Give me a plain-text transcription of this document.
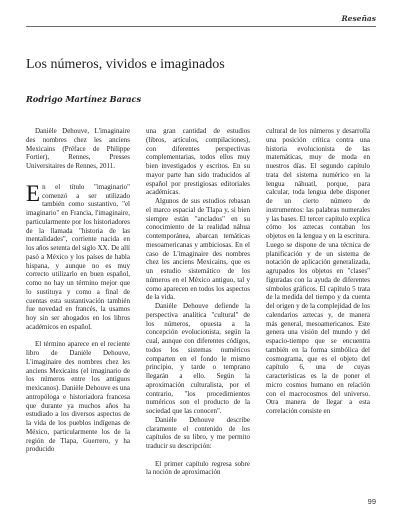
Reseñas
Los números, vividos e imaginados
Rodrigo Martínez Baracs

Danièle Dehouve, L'imaginaire des nombres chez les anciens Mexicains (Préface de Philippe Fortier), Rennes, Presses Universitaires de Rennes, 2011.

En el título "imaginario" comenzó a ser utilizado también como sustantivo, "el imaginario" en Francia, l'imaginaire, particularmente por los historiadores de la llamada "historia de las mentalidades", corriente nacida en los años setenta del siglo XX. De allí pasó a México y los países de habla hispana, y aunque no es muy correcto utilizarlo en buen español, como no hay un término mejor que lo sustituya y como a final de cuentas esta sustantivación también fue novedad en francés, la usamos hoy sin ser ahogados en los libros académicos en español.

El término aparece en el reciente libro de Danièle Dehouve, L'imaginaire des nombres chez les anciens Mexicains (el imaginario de los números entre los antiguos mexicanos). Danièle Dehouve es una antropóloga e historiadora francesa que durante ya muchos años ha estudiado a los diversos aspectos de la vida de los pueblos indígenas de México, particularmente los de la región de Tlapa, Guerrero, y ha producido

una gran cantidad de estudios (libros, artículos, compilaciones), con diferentes perspectivas complementarias, todos ellos muy bien investigados y escritos. En su mayor parte han sido traducidos al español por prestigiosas editoriales académicas.

Algunos de sus estudios rebasan el marco espacial de Tlapa y, si bien siempre están "anclados" en su conocimiento de la realidad náhua contemporánea, abarcan temáticas mesoamericanas y ambiciosas. En el caso de L'imaginaire des nombres chez les anciens Mexicains, que es un estudio sistemático de los números en el México antiguo, tal y como aparecen en todos los aspectos de la vida.

Danièle Dehouve defiende la perspectiva analítica "cultural" de los números, opuesta a la concepción evolucionista, según la cual, aunque con diferentes códigos, todos los sistemas numéricos comparten en el fondo le mismo principio, y tarde o temprano llegarán a ello. Según la aproximación culturalista, por el contrario, "los procedimientos numéricos son el producto de la sociedad que las conocen".

Danièle Dehouve describe claramente el contenido de los capítulos de su libro, y me permito traducir su descripción:

El primer capítulo regresa sobre la noción de aproximación

cultural de los números y desarrolla una posición crítica contra una historia evolucionista de las matemáticas, muy de moda en nuestros días. El segundo capítulo trata del sistema numérico en la lengua náhuatl, porque, para calcular, toda lengua debe disponer de un cierto número de instrumentos: las palabras numerales y las bases. El tercer capítulo explica cómo los aztecas contaban los objetos en la lengua y en la escritura. Luego se dispone de una técnica de planificación y de un sistema de notación de aplicación generalizada, agrupados los objetos en "clases" figuradas con la ayuda de diferentes símbolos gráficos. El capítulo 5 trata de la medida del tiempo y da cuenta del origen y de la complejidad de los calendarios aztecas y, de manera más general, mesoamericanos. Este genera una visión del mundo y del espacio-tiempo que se encuentra también en la forma simbólica del cosmograma, que es el objeto del capítulo 6, una de cuyas características es la de poner el micro cosmos humano en relación con el macrocosmos del universo. Otra manera de llegar a esta correlación consiste en

99
